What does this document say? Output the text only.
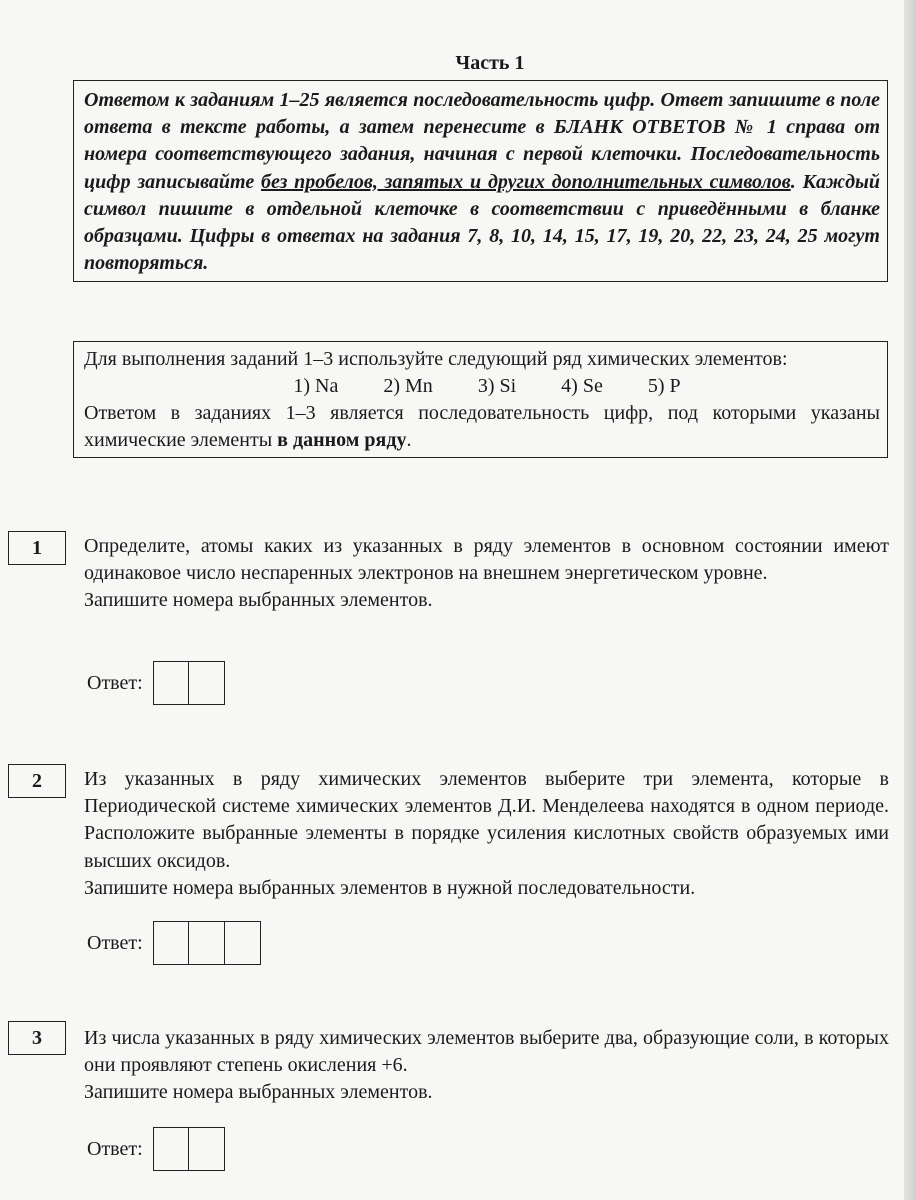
Часть 1
Ответом к заданиям 1–25 является последовательность цифр. Ответ запишите в поле ответа в тексте работы, а затем перенесите в БЛАНК ОТВЕТОВ № 1 справа от номера соответствующего задания, начиная с первой клеточки. Последовательность цифр записывайте без пробелов, запятых и других дополнительных символов. Каждый символ пишите в отдельной клеточке в соответствии с приведёнными в бланке образцами. Цифры в ответах на задания 7, 8, 10, 14, 15, 17, 19, 20, 22, 23, 24, 25 могут повторяться.
Для выполнения заданий 1–3 используйте следующий ряд химических элементов:
1) Na 2) Mn 3) Si 4) Se 5) P
Ответом в заданиях 1–3 является последовательность цифр, под которыми указаны химические элементы в данном ряду.
1	Определите, атомы каких из указанных в ряду элементов в основном состоянии имеют одинаковое число неспаренных электронов на внешнем энергетическом уровне.
Запишите номера выбранных элементов.
Ответ:
2	Из указанных в ряду химических элементов выберите три элемента, которые в Периодической системе химических элементов Д.И. Менделеева находятся в одном периоде. Расположите выбранные элементы в порядке усиления кислотных свойств образуемых ими высших оксидов.
Запишите номера выбранных элементов в нужной последовательности.
Ответ:
3	Из числа указанных в ряду химических элементов выберите два, образующие соли, в которых они проявляют степень окисления +6.
Запишите номера выбранных элементов.
Ответ:
